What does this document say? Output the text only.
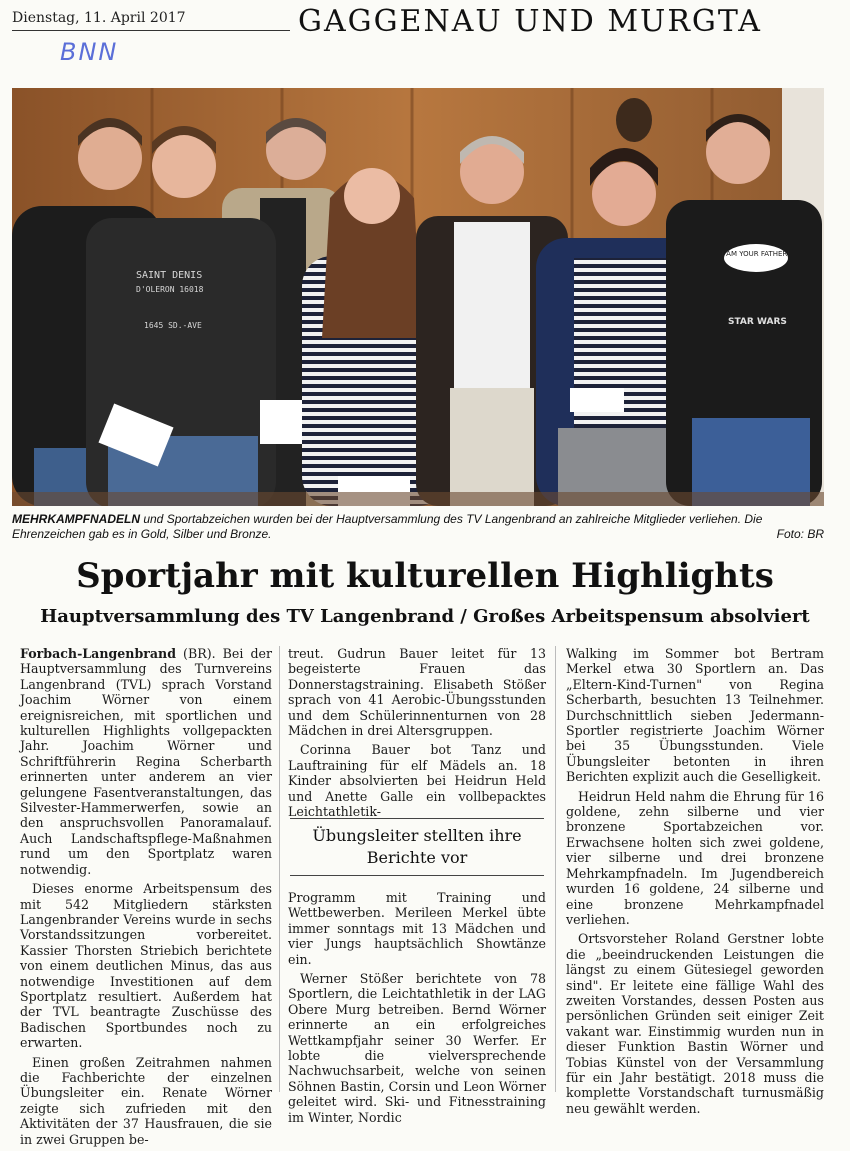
Dienstag, 11. April 2017	GAGGENAU UND MURGTA
BNN
SAINT DENIS
D'OLERON 16018
1645 SD.-AVE
I AM YOUR FATHER!
STAR WARS
MEHRKAMPFNADELN und Sportabzeichen wurden bei der Hauptversammlung des TV Langenbrand an zahlreiche Mitglieder verliehen. Die Ehrenzeichen gab es in Gold, Silber und Bronze.	Foto: BR
Sportjahr mit kulturellen Highlights
Hauptversammlung des TV Langenbrand / Großes Arbeitspensum absolviert

Forbach-Langenbrand (BR). Bei der Hauptversammlung des Turnvereins Langenbrand (TVL) sprach Vorstand Joachim Wörner von einem ereignisreichen, mit sportlichen und kulturellen Highlights vollgepackten Jahr. Joachim Wörner und Schriftführerin Regina Scherbarth erinnerten unter anderem an vier gelungene Fasentveranstaltungen, das Silvester-Hammerwerfen, sowie an den anspruchsvollen Panoramalauf. Auch Landschaftspflege-Maßnahmen rund um den Sportplatz waren notwendig.

Dieses enorme Arbeitspensum des mit 542 Mitgliedern stärksten Langenbrander Vereins wurde in sechs Vorstandssitzungen vorbereitet. Kassier Thorsten Striebich berichtete von einem deutlichen Minus, das aus notwendige Investitionen auf dem Sportplatz resultiert. Außerdem hat der TVL beantragte Zuschüsse des Badischen Sportbundes noch zu erwarten.

Einen großen Zeitrahmen nahmen die Fachberichte der einzelnen Übungsleiter ein. Renate Wörner zeigte sich zufrieden mit den Aktivitäten der 37 Hausfrauen, die sie in zwei Gruppen be-

treut. Gudrun Bauer leitet für 13 begeisterte Frauen das Donnerstagstraining. Elisabeth Stößer sprach von 41 Aerobic-Übungsstunden und dem Schülerinnenturnen von 28 Mädchen in drei Altersgruppen.

Corinna Bauer bot Tanz und Lauftraining für elf Mädels an. 18 Kinder absolvierten bei Heidrun Held und Anette Galle ein vollbepacktes Leichtathletik-

Übungsleiter stellten ihre Berichte vor

Programm mit Training und Wettbewerben. Merileen Merkel übte immer sonntags mit 13 Mädchen und vier Jungs hauptsächlich Showtänze ein.

Werner Stößer berichtete von 78 Sportlern, die Leichtathletik in der LAG Obere Murg betreiben. Bernd Wörner erinnerte an ein erfolgreiches Wettkampfjahr seiner 30 Werfer. Er lobte die vielversprechende Nachwuchsarbeit, welche von seinen Söhnen Bastin, Corsin und Leon Wörner geleitet wird. Ski- und Fitnesstraining im Winter, Nordic

Walking im Sommer bot Bertram Merkel etwa 30 Sportlern an. Das „Eltern-Kind-Turnen" von Regina Scherbarth, besuchten 13 Teilnehmer. Durchschnittlich sieben Jedermann-Sportler registrierte Joachim Wörner bei 35 Übungsstunden. Viele Übungsleiter betonten in ihren Berichten explizit auch die Geselligkeit.

Heidrun Held nahm die Ehrung für 16 goldene, zehn silberne und vier bronzene Sportabzeichen vor. Erwachsene holten sich zwei goldene, vier silberne und drei bronzene Mehrkampfnadeln. Im Jugendbereich wurden 16 goldene, 24 silberne und eine bronzene Mehrkampfnadel verliehen.

Ortsvorsteher Roland Gerstner lobte die „beeindruckenden Leistungen die längst zu einem Gütesiegel geworden sind". Er leitete eine fällige Wahl des zweiten Vorstandes, dessen Posten aus persönlichen Gründen seit einiger Zeit vakant war. Einstimmig wurden nun in dieser Funktion Bastin Wörner und Tobias Künstel von der Versammlung für ein Jahr bestätigt. 2018 muss die komplette Vorstandschaft turnusmäßig neu gewählt werden.
